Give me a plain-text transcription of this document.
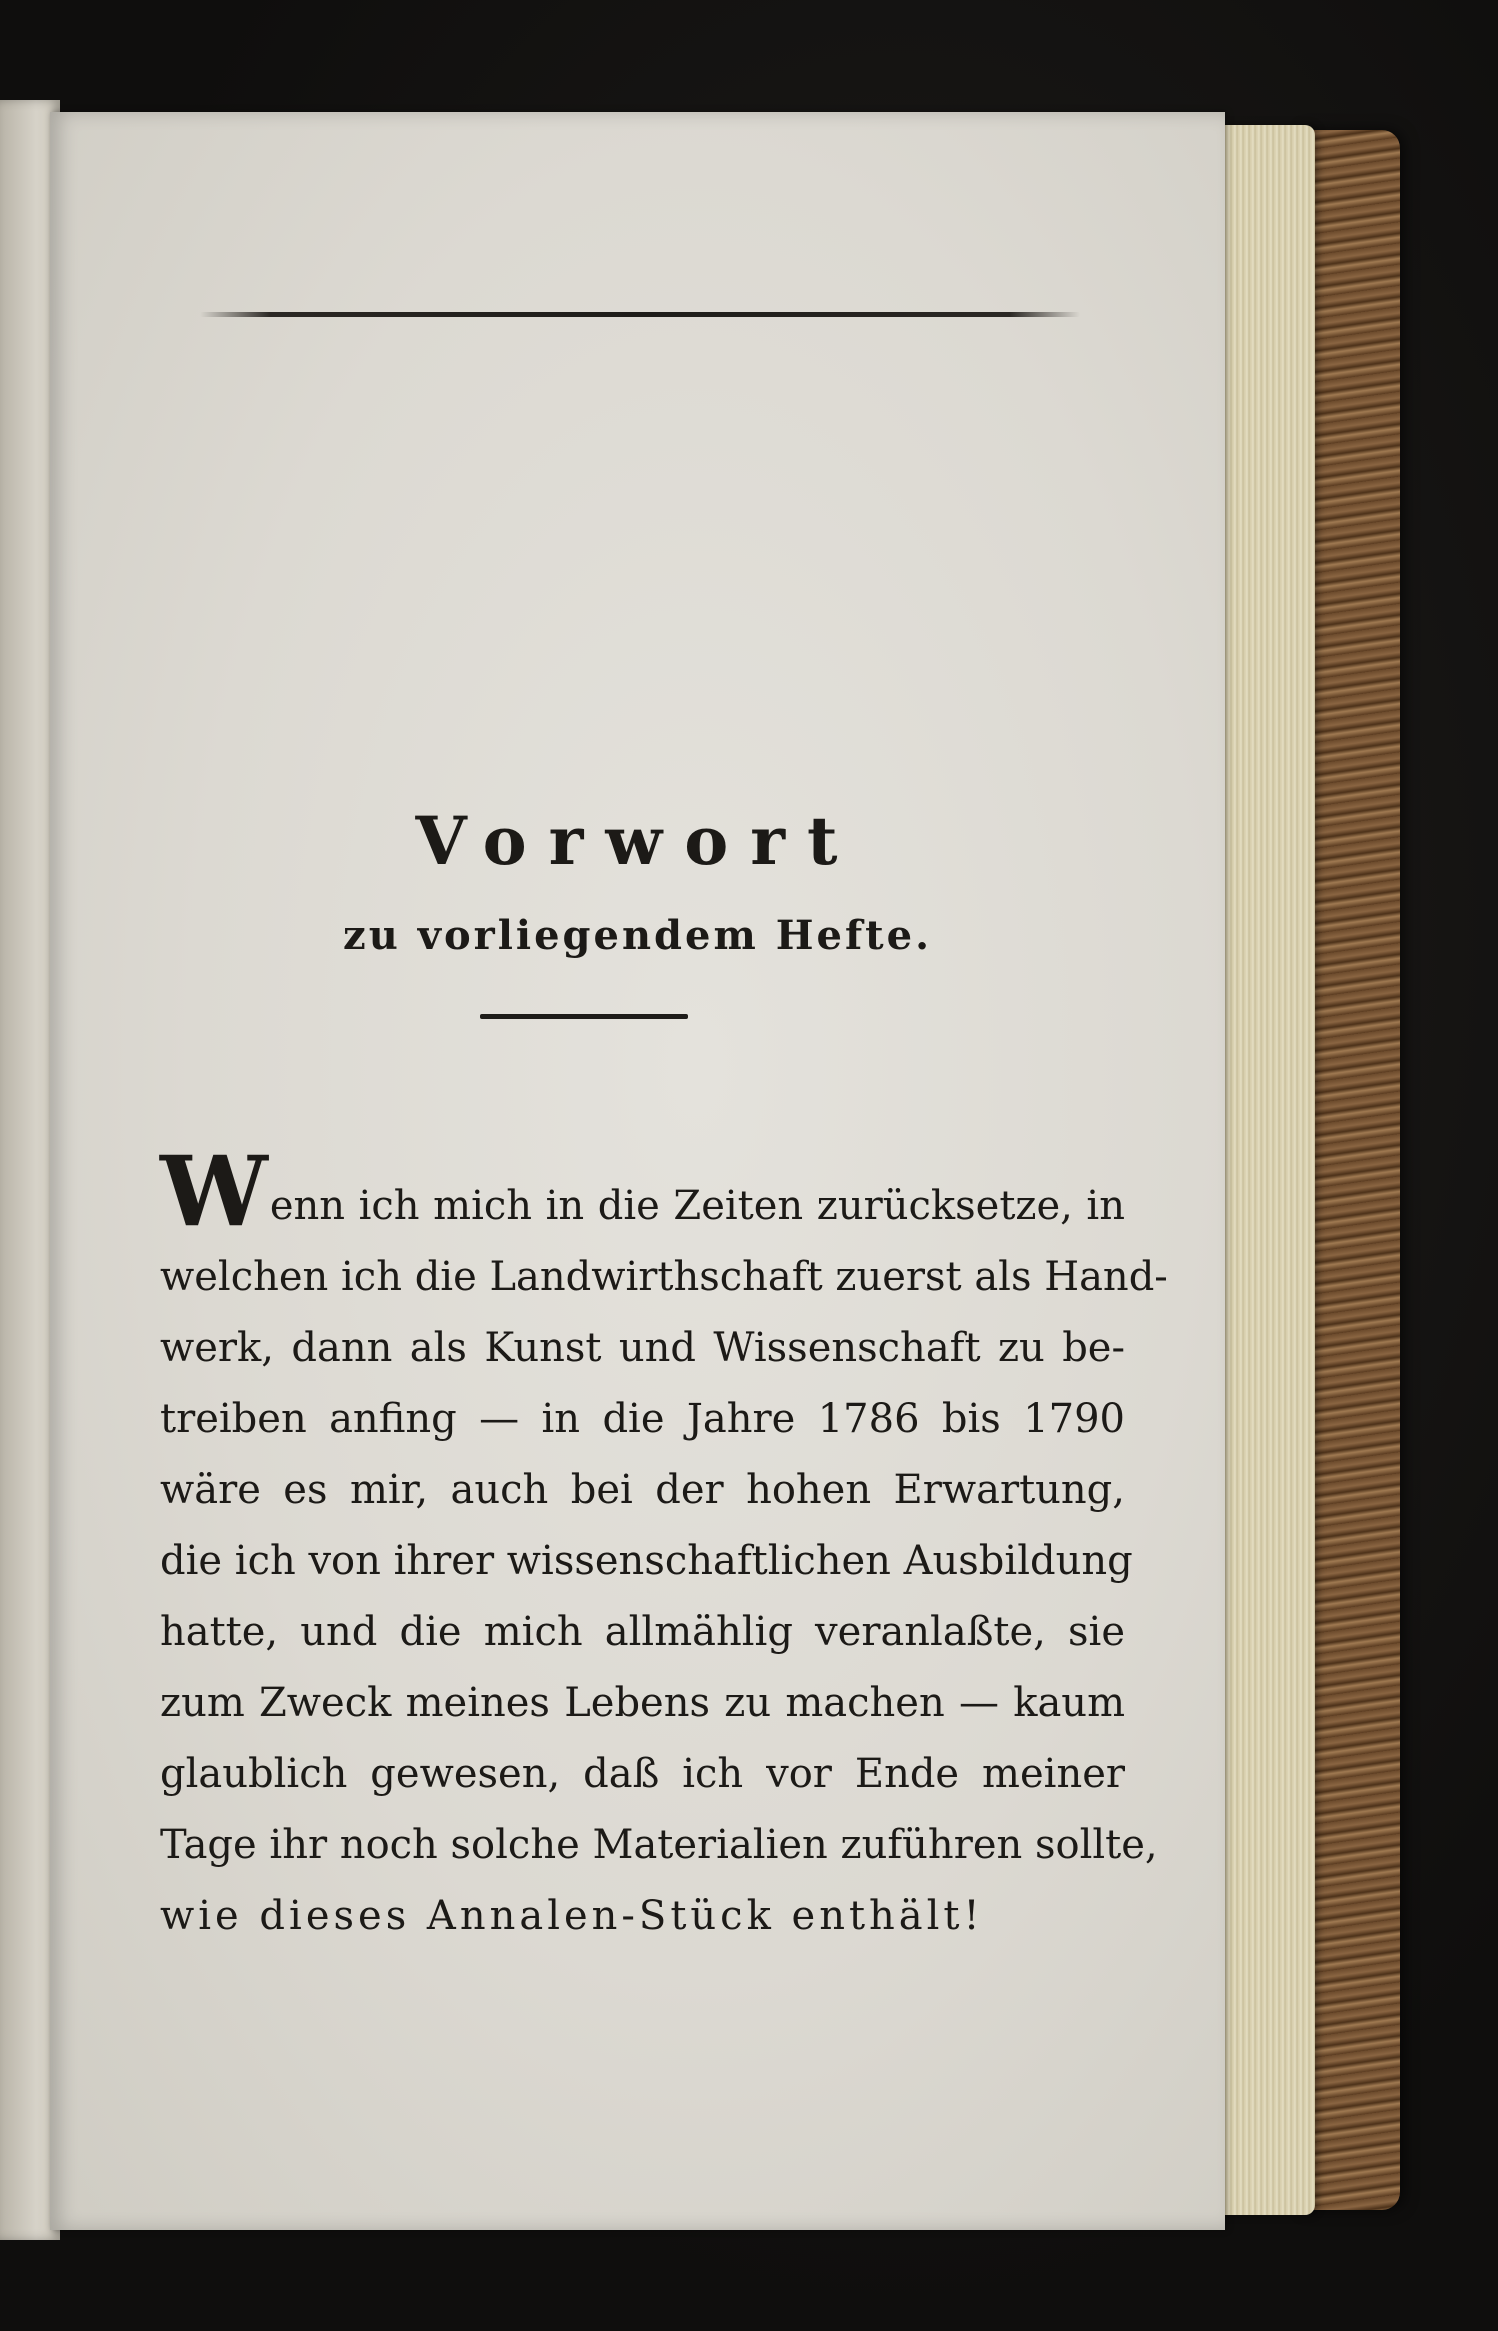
Vorwort
zu vorliegendem Hefte.
Wenn ich mich in die Zeiten zurücksetze, in
welchen ich die Landwirthschaft zuerst als Hand-
werk, dann als Kunst und Wissenschaft zu be-
treiben anfing — in die Jahre 1786 bis 1790
wäre es mir, auch bei der hohen Erwartung,
die ich von ihrer wissenschaftlichen Ausbildung
hatte, und die mich allmählig veranlaßte, sie
zum Zweck meines Lebens zu machen — kaum
glaublich gewesen, daß ich vor Ende meiner
Tage ihr noch solche Materialien zuführen sollte,
wie dieses Annalen-Stück enthält!
